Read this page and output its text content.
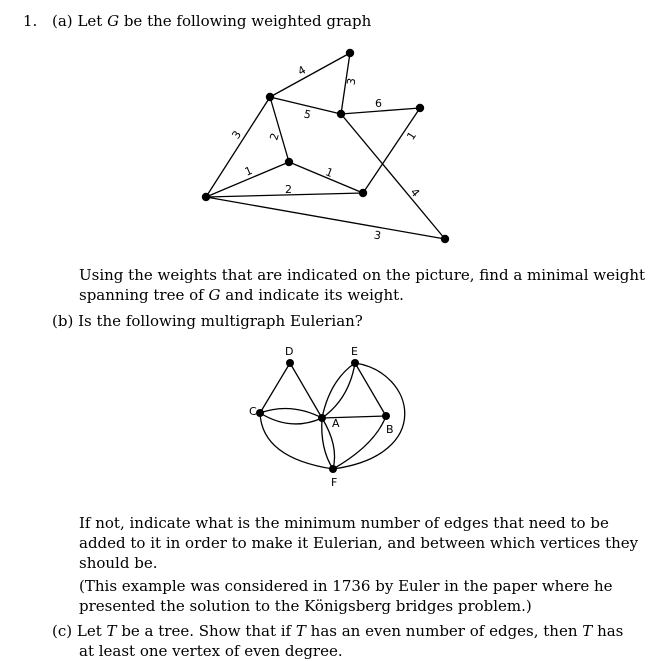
1. (a) Let G be the following weighted graph
4
3
5
6
3 2	1
1	1
2	4
3
Using the weights that are indicated on the picture, find a minimal weight
spanning tree of G and indicate its weight.
(b) Is the following multigraph Eulerian?
D	E
C
A	B
F
If not, indicate what is the minimum number of edges that need to be
added to it in order to make it Eulerian, and between which vertices they
should be.
(This example was considered in 1736 by Euler in the paper where he
presented the solution to the Königsberg bridges problem.)
(c) Let T be a tree. Show that if T has an even number of edges, then T has
at least one vertex of even degree.
